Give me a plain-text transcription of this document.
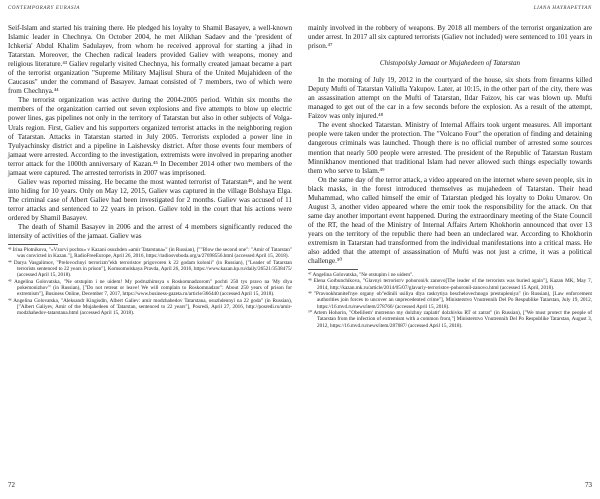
CONTEMPORARY EURASIA

Seif-Islam and started his training there. He pledged his loyalty to Shamil Basayev, a well-known Islamic leader in Chechnya. On October 2004, he met Alikhan Sadaev and the 'president of Ichkeria' Abdul Khalim Sadulayev, from whom he received approval for starting a jihad in Tatarstan. Moreover, the Chechen radical leaders provided Galiev with weapons, money and religious literature.⁴³ Galiev regularly visited Chechnya, his formally created jamaat became a part of the terrorist organization "Supreme Military Majlisul Shura of the United Mujahideen of the Caucasus" under the command of Basayev. Jamaat consisted of 7 members, two of which were from Chechnya.⁴⁴

The terrorist organization was active during the 2004-2005 period. Within six months the members of the organization carried out seven explosions and five attempts to blow up electric power lines, gas pipelines not only in the territory of Tatarstan but also in other subjects of Volga-Urals region. First, Galiev and his supporters organized terrorist attacks in the neighboring region of Tatarstan. Attacks in Tatarstan started in July 2005. Terrorists exploded a power line in Tyulyachinsky district and a pipeline in Laishevsky district. After those events four members of jamaat were arrested. According to the investigation, extremists were involved in preparing another terror attack for the 1000th anniversary of Kazan.⁴⁵ In December 2014 other two members of the jamaat were captured. The arrested terrorists in 2007 was imprisoned.

Galiev was reported missing. He became the most wanted terrorist of Tatarstan⁴⁶, and he went into hiding for 10 years. Only on May 12, 2015, Galiev was captured in the village Bolshaya Elga. The criminal case of Albert Galiev had been investigated for 2 months. Galiev was accused of 11 terror attacks and sentenced to 22 years in prison. Galiev told in the court that his actions were ordered by Shamil Basayev.

The death of Shamil Basayev in 2006 and the arrest of 4 members significantly reduced the intensity of activities of the jamaat. Galiev was

⁴³ Irina Plotnikova, "«Vzorvi pochtu» v Kazani osuzhden «amir Tatarstana»" (in Russian), [""Blow the second one": "Amir of Tatarstan" was convicted in Kazan."], RadioFreeEurope, April 26, 2016, https://radiosvoboda.org/a/27698556.html (accessed April 15, 2018).

⁴⁴ Darya Vasgalimov, "Prelovochnyi terrorizm"ekh terroristov prigovoren k 22 godam kolonii" (in Russian), ["Leader of Tatarstan terrorists sentenced to 22 years in prison"], Komsomolskaya Pravda, April 26, 2016, https://www.kazan.kp.ru/daily/26521/3538475/ (accessed April 15, 2018).

⁴⁵ Angelina Golovatska, "Ne otstupim i ne uidem! My podruzhimsya s Roskomnadzorom" pochti 250 tys pravo na 'My dlya pokemonizhov'" (in Russian), ["Do not retreat or leave! We will complain to Roskomnadzor": About 250 years of prison for extremism"], Business Online, December 7, 2017, https://www.business-gazeta.ru/article/366440 (accessed April 15, 2018).

⁴⁶ Angelina Golovatska, "Aleksandr Kingisdin, Albert Galiev: amir modzhahedov Tatarstana, osuzhdennyi na 22 goda" (in Russian), ["Albert Galiyev, Amir of the Mujahedeen of Tatarstan, sentenced to 22 years"], Posredi, April 27, 2016, http://posredi.ru/amir-modzhahedov-tatarstana.html (accessed April 15, 2018).

72
LIANA HAYRAPETYAN

mainly involved in the robbery of weapons. By 2018 all members of the terrorist organization are under arrest. In 2017 all six captured terrorists (Galiev not included) were sentenced to 101 years in prison.⁴⁷

Chistopolsky Jamaat or Mujahedeen of Tatarstan

In the morning of July 19, 2012 in the courtyard of the house, six shots from firearms killed Deputy Mufti of Tatarstan Valiulla Yakupov. Later, at 10:15, in the other part of the city, there was an assassination attempt on the Mufti of Tatarstan, Ildar Faizov, his car was blown up. Mufti managed to get out of the car in a few seconds before the explosion. As a result of the attempt, Faizov was only injured.⁴⁸

The event shocked Tatarstan. Ministry of Internal Affairs took urgent measures. All important people were taken under the protection. The "Volcano Four" the operation of finding and detaining dangerous criminals was launched. Though there is no official number of arrested some sources mention that nearly 500 people were arrested. The president of the Republic of Tatarstan Rustam Minnikhanov mentioned that traditional Islam had never allowed such things especially towards them who serve to Islam.⁴⁹

On the same day of the terror attack, a video appeared on the internet where seven people, six in black masks, in the forest introduced themselves as mujahedeen of Tatarstan. Their head Muhammad, who called himself the emir of Tatarstan pledged his loyalty to Doku Umarov. On August 3, another video appeared where the emir took the responsibility for the attack. On that same day another important event happened. During the extraordinary meeting of the State Council of the RT, the head of the Ministry of Internal Affairs Artem Khokhorin announced that over 13 years on the territory of the republic there had been an undeclared war. According to Khokhorin extremism in Tatarstan had transformed from the individual manifestations into a critical mass. He also added that the attempt of assassination of Mufti was not just a crime, it was a political challenge.⁵⁰

⁴⁷ Angelina Golovatska, "Ne otstupim i ne uidem".

⁴⁸ Elena Gorbunchikova, "Glavnyi terrorist/v pohoroni/k zanovo[The leader of the terrorists was buried again"], Kazan MK, May 7, 2014, http://kazan.mk.ru/article/2014/05/07/glavariy-terroristov-pohoronil-zanovo.html (accessed 15 April, 2018).

⁴⁹ "Pravookhranitel'nye organy ob"edinili usiliya dlya raskrytiya beschelovechnogo prestupleniya" (in Russian), [Law enforcement authorities join forces to uncover an unprecedented crime"], Ministerstvo Vnutrennih Del Po Respublike Tatarstan, July 19, 2012, https://16.mvd.ru/news/item/278766/ (accessed April 15, 2018).

⁵⁰ Artem Hohorin, "Obeliliem' mutrenno my dolzhny zaplatit' dolzhivku RT ot zatrat" (in Russian), ["We must protect the people of Tatarstan from the infection of extremism with a common front,"] Ministerstvo Vnutrennih Del Po Respublike Tatarstan, August 3, 2012, https://16.mvd.ru/news/item/287087/ (accessed April 15, 2018).

73
